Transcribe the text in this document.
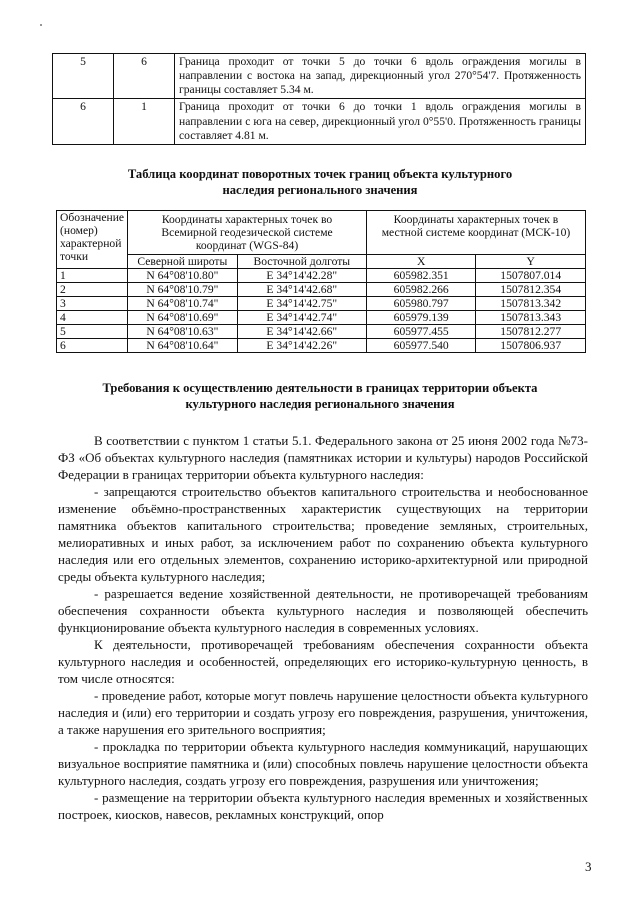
5	6	Граница проходит от точки 5 до точки 6 вдоль ограждения могилы в направлении с востока на запад, дирекционный угол 270°54'7. Протяженность границы составляет 5.34 м.
6	1	Граница проходит от точки 6 до точки 1 вдоль ограждения могилы в направлении с юга на север, дирекционный угол 0°55'0. Протяженность границы составляет 4.81 м.
Таблица координат поворотных точек границ объекта культурного
наследия регионального значения
Обозначение (номер) характерной точки	Координаты характерных точек во Всемирной геодезической системе координат (WGS-84)		Координаты характерных точек в местной системе координат (МСК-10)	
	Северной широты	Восточной долготы	X	Y
1	N 64°08'10.80"	E 34°14'42.28"	605982.351	1507807.014
2	N 64°08'10.79"	E 34°14'42.68"	605982.266	1507812.354
3	N 64°08'10.74"	E 34°14'42.75"	605980.797	1507813.342
4	N 64°08'10.69"	E 34°14'42.74"	605979.139	1507813.343
5	N 64°08'10.63"	E 34°14'42.66"	605977.455	1507812.277
6	N 64°08'10.64"	E 34°14'42.26"	605977.540	1507806.937
Требования к осуществлению деятельности в границах территории объекта
культурного наследия регионального значения

В соответствии с пунктом 1 статьи 5.1. Федерального закона от 25 июня 2002 года №73-ФЗ «Об объектах культурного наследия (памятниках истории и культуры) народов Российской Федерации в границах территории объекта культурного наследия:

- запрещаются строительство объектов капитального строительства и необоснованное изменение объёмно-пространственных характеристик существующих на территории памятника объектов капитального строительства; проведение земляных, строительных, мелиоративных и иных работ, за исключением работ по сохранению объекта культурного наследия или его отдельных элементов, сохранению историко-архитектурной или природной среды объекта культурного наследия;

- разрешается ведение хозяйственной деятельности, не противоречащей требованиям обеспечения сохранности объекта культурного наследия и позволяющей обеспечить функционирование объекта культурного наследия в современных условиях.

К деятельности, противоречащей требованиям обеспечения сохранности объекта культурного наследия и особенностей, определяющих его историко-культурную ценность, в том числе относятся:

- проведение работ, которые могут повлечь нарушение целостности объекта культурного наследия и (или) его территории и создать угрозу его повреждения, разрушения, уничтожения, а также нарушения его зрительного восприятия;

- прокладка по территории объекта культурного наследия коммуникаций, нарушающих визуальное восприятие памятника и (или) способных повлечь нарушение целостности объекта культурного наследия, создать угрозу его повреждения, разрушения или уничтожения;

- размещение на территории объекта культурного наследия временных и хозяйственных построек, киосков, навесов, рекламных конструкций, опор

3
